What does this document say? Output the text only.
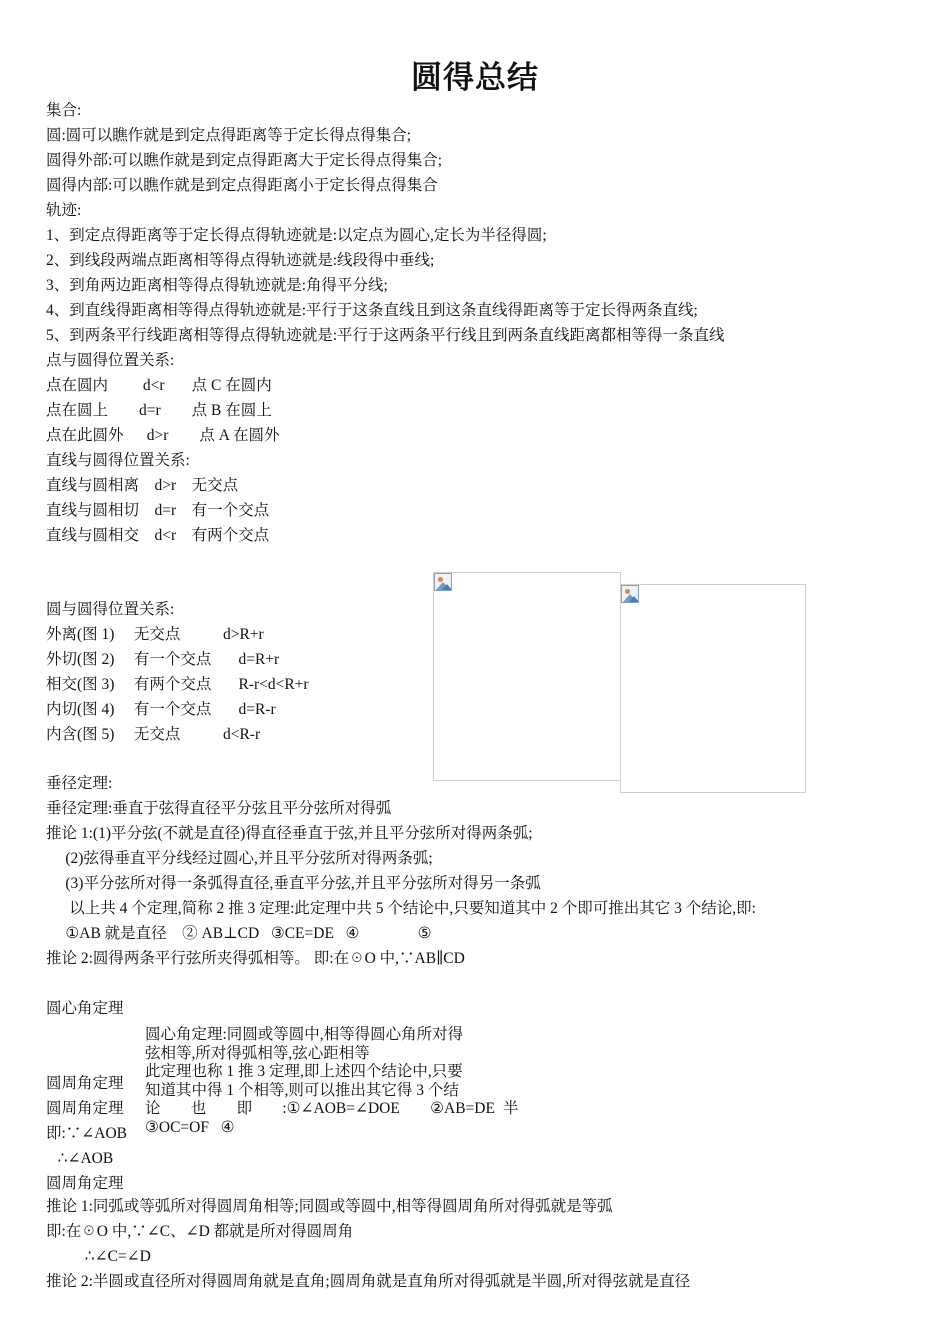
圆得总结
集合:
圆:圆可以瞧作就是到定点得距离等于定长得点得集合;
圆得外部:可以瞧作就是到定点得距离大于定长得点得集合;
圆得内部:可以瞧作就是到定点得距离小于定长得点得集合
轨迹:
1、到定点得距离等于定长得点得轨迹就是:以定点为圆心,定长为半径得圆;
2、到线段两端点距离相等得点得轨迹就是:线段得中垂线;
3、到角两边距离相等得点得轨迹就是:角得平分线;
4、到直线得距离相等得点得轨迹就是:平行于这条直线且到这条直线得距离等于定长得两条直线;
5、到两条平行线距离相等得点得轨迹就是:平行于这两条平行线且到两条直线距离都相等得一条直线
点与圆得位置关系:
点在圆内         d<r       点 C 在圆内
点在圆上        d=r        点 B 在圆上
点在此圆外      d>r        点 A 在圆外
直线与圆得位置关系:
直线与圆相离    d>r    无交点
直线与圆相切    d=r    有一个交点
直线与圆相交    d<r    有两个交点
圆与圆得位置关系:
外离(图 1)     无交点           d>R+r
外切(图 2)     有一个交点       d=R+r
相交(图 3)     有两个交点       R-r<d<R+r
内切(图 4)     有一个交点       d=R-r
内含(图 5)     无交点           d<R-r
垂径定理:
垂径定理:垂直于弦得直径平分弦且平分弦所对得弧
推论 1:(1)平分弦(不就是直径)得直径垂直于弦,并且平分弦所对得两条弧;
(2)弦得垂直平分线经过圆心,并且平分弦所对得两条弧;
(3)平分弦所对得一条弧得直径,垂直平分弦,并且平分弦所对得另一条弧
以上共 4 个定理,简称 2 推 3 定理:此定理中共 5 个结论中,只要知道其中 2 个即可推出其它 3 个结论,即:
①AB 就是直径    ② AB⊥CD   ③CE=DE   ④               ⑤
推论 2:圆得两条平行弦所夹得弧相等。 即:在☉O 中,∵AB∥CD
圆心角定理
圆周角定理
圆周角定理	半
即:∵∠AOB
∴∠AOB
圆周角定理
圆心角定理:同圆或等圆中,相等得圆心角所对得
弦相等,所对得弧相等,弦心距相等
此定理也称 1 推 3 定理,即上述四个结论中,只要
知道其中得 1 个相等,则可以推出其它得 3 个结
论 也 即 :①∠AOB=∠DOE ②AB=DE
③OC=OF   ④
推论 1:同弧或等弧所对得圆周角相等;同圆或等圆中,相等得圆周角所对得弧就是等弧
即:在☉O 中,∵∠C、∠D 都就是所对得圆周角
∴∠C=∠D
推论 2:半圆或直径所对得圆周角就是直角;圆周角就是直角所对得弧就是半圆,所对得弦就是直径
